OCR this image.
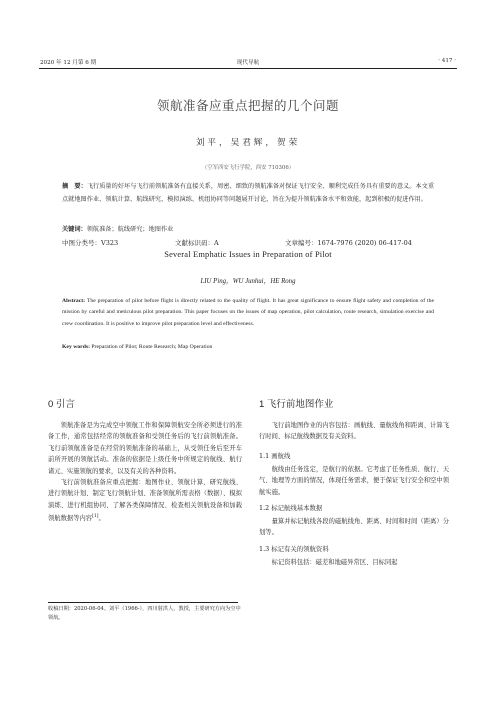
2020 年 12 月第 6 期	现代导航	· 417 ·
领航准备应重点把握的几个问题
刘平，吴君辉，贺荣
（空军西安飞行学院，西安 710306）
摘　要：飞行质量的好坏与飞行前领航准备有直接关系，周密、细致的领航准备对保证飞行安全、顺利完成任务具有重要的意义。本文重点就地图作业、领航计算、航线研究、模拟演练、机组协同等问题展开讨论，旨在为提升领航准备水平和效能，起到积极的促进作用。
关键词：领航准备；航线研究；地图作业
中图分类号：V323	文献标识码：A	文章编号：1674-7976 (2020) 06-417-04
Several Emphatic Issues in Preparation of Pilot
LIU Ping，WU Junhui，HE Rong
Abstract: The preparation of pilot before flight is directly related to the quality of flight. It has great significance to ensure flight safety and completion of the mission by careful and meticulous pilot preparation. This paper focuses on the issues of map operation, pilot calculation, route research, simulation exercise and crew coordination. It is positive to improve pilot preparation level and effectiveness.
Key words: Preparation of Pilot; Route Research; Map Operation
0 引言

领航准备是为完成空中领航工作和保障领航安全所必须进行的准备工作，通常包括经常的领航准备和受领任务后的飞行前领航准备。飞行前领航准备是在经常的领航准备的基础上，从受领任务后至开车前所开展的领航活动。准备的依据是上级任务中所规定的航线、航行诸元、实施领航的要求，以及有关的各种资料。

飞行前领航准备应重点把握：地图作业、领航计算、研究航线、进行领航计划、制定飞行领航计划、准备领航所需表格（数据）、模拟演练、进行机组协同、了解各类保障情况、检查相关领航设备和加载领航数据等内容[1]。

收稿日期：2020-06-04。刘平（1966-），四川射洪人，教授，主要研究方向为空中领航。
1 飞行前地图作业

飞行前地图作业的内容包括：画航线、量航线角和距离、计算飞行时间、标记航线数据及有关资料。

1.1 画航线

航线由任务选定，是航行的依据。它考虑了任务性质、航行、天气、地理等方面的情况，体现任务需求，便于保证飞行安全和空中领航实施。

1.2 标记航线基本数据

量算并标记航线各段的磁航线角、距离、时间和时间（距离）分划等。

1.3 标记有关的领航资料

标记资料包括：磁差和地磁异常区、目标同起
